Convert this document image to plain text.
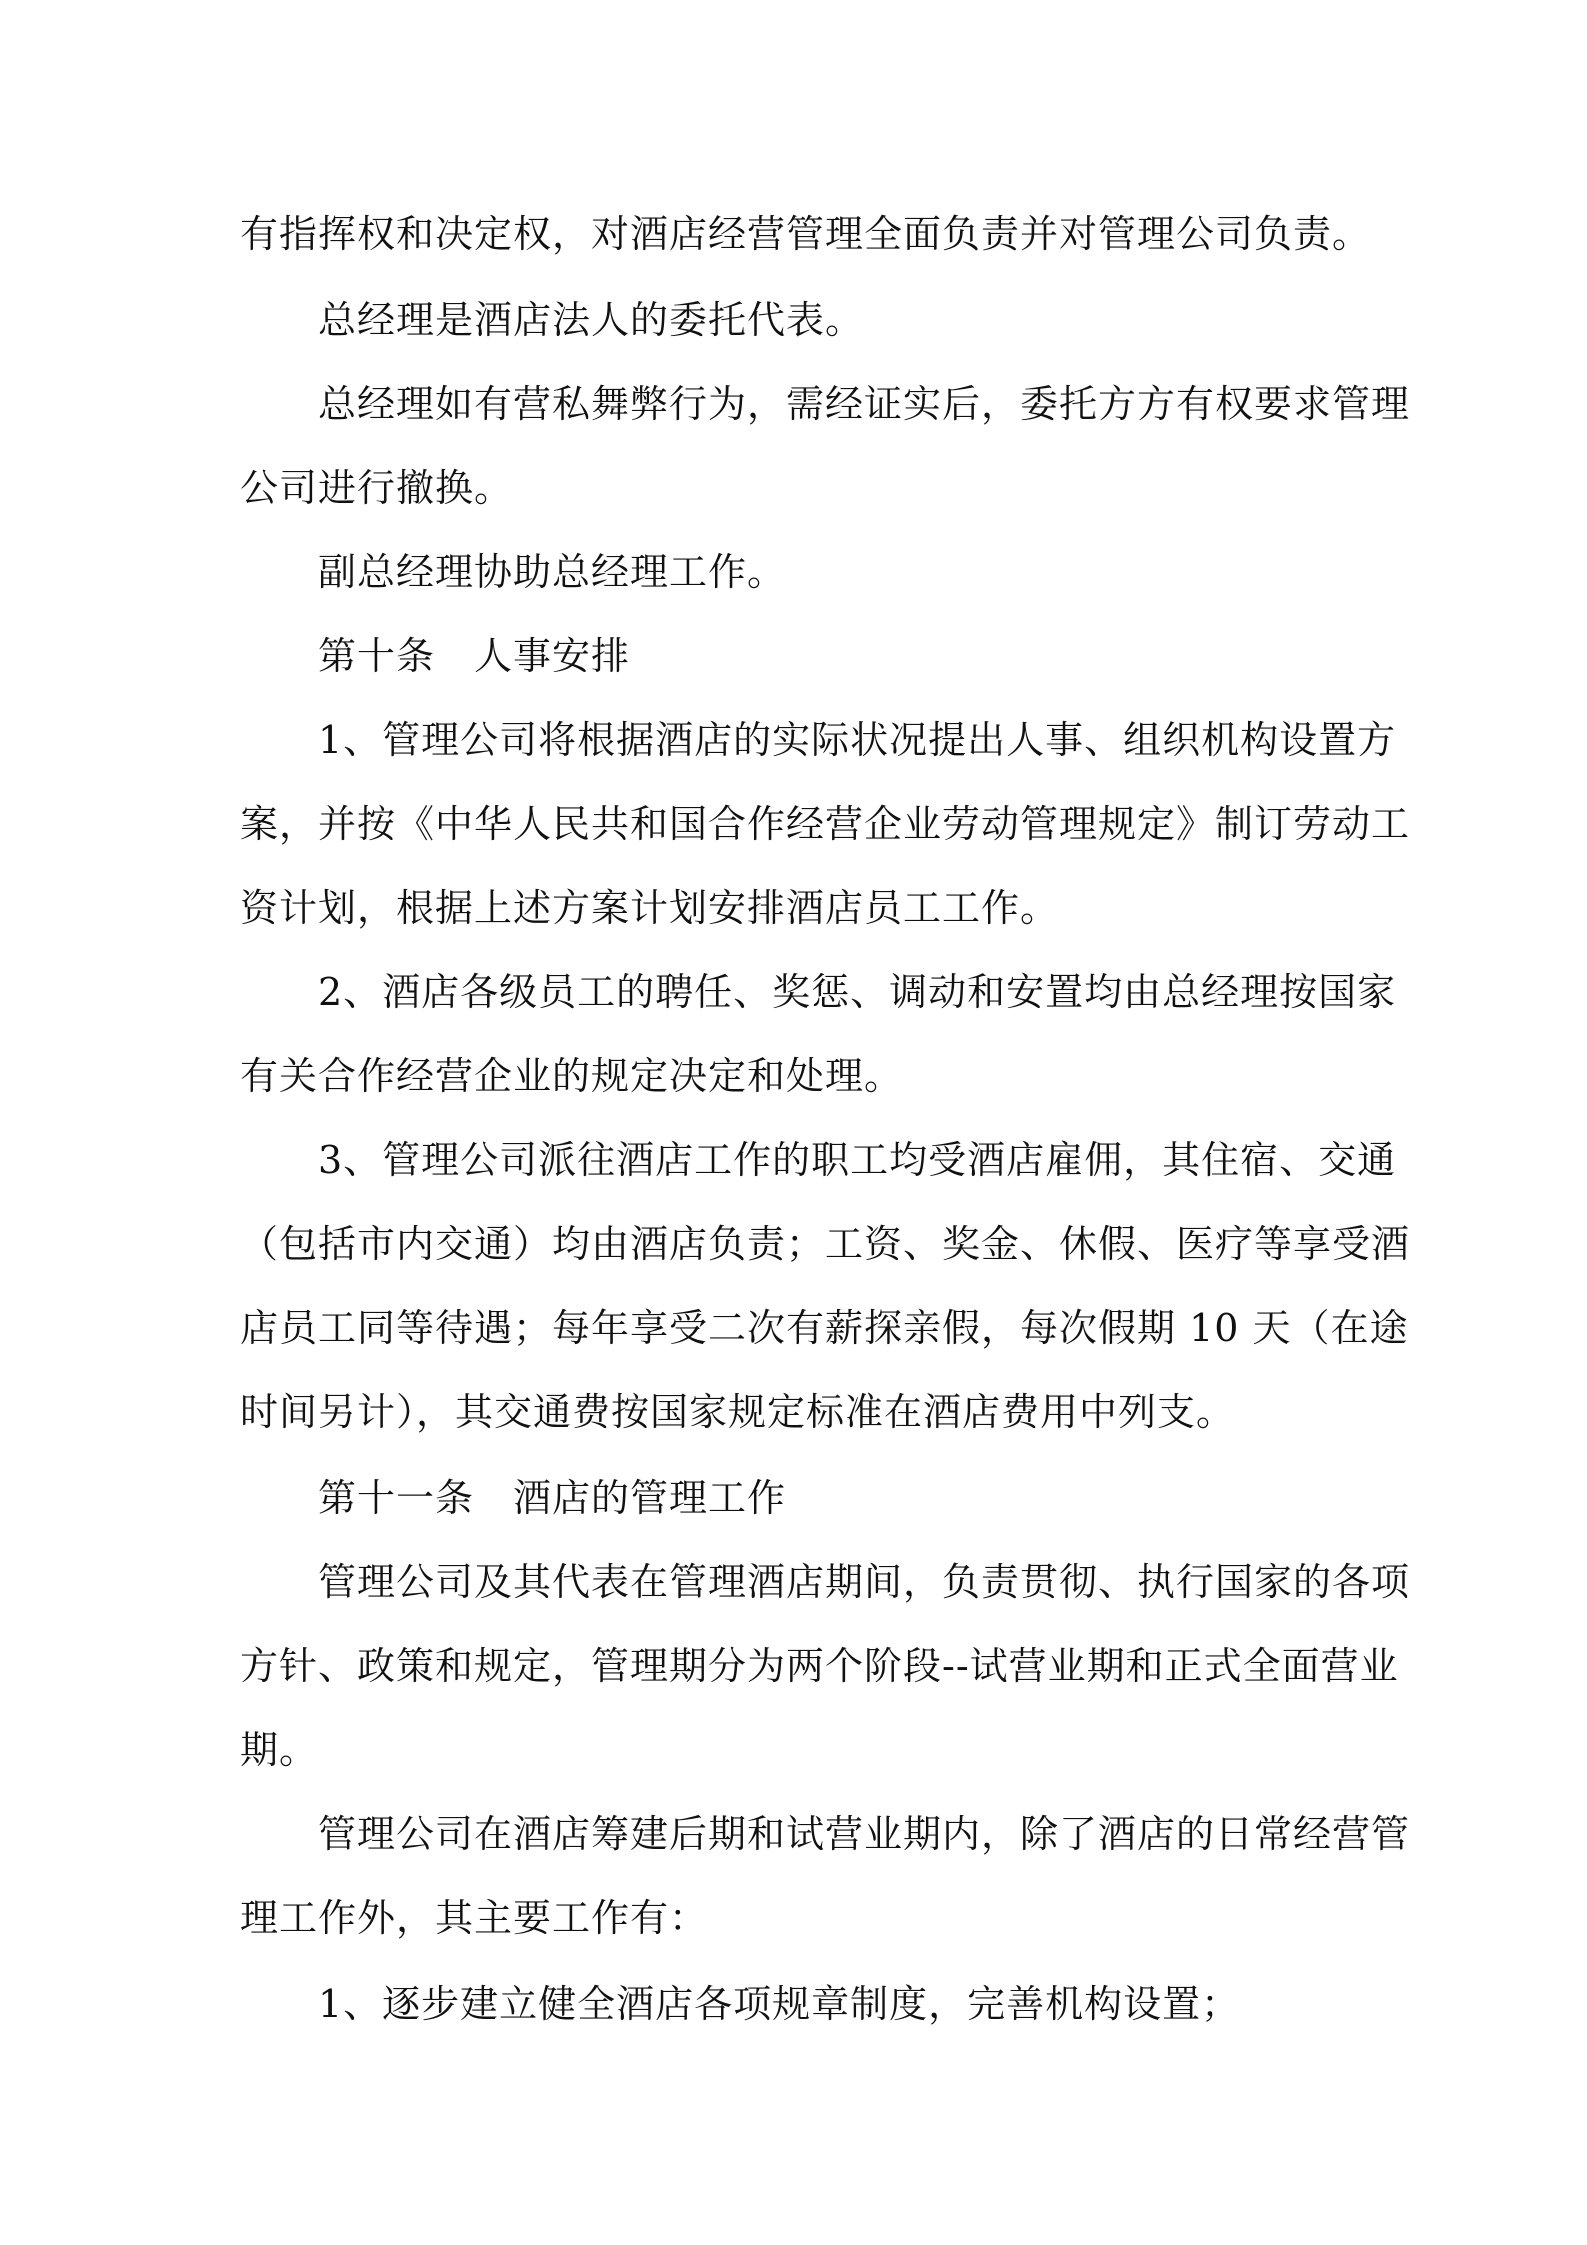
有指挥权和决定权，对酒店经营管理全面负责并对管理公司负责。
总经理是酒店法人的委托代表。
总经理如有营私舞弊行为，需经证实后，委托方方有权要求管理
公司进行撤换。
副总经理协助总经理工作。
第十条　人事安排
1、管理公司将根据酒店的实际状况提出人事、组织机构设置方
案，并按《中华人民共和国合作经营企业劳动管理规定》制订劳动工
资计划，根据上述方案计划安排酒店员工工作。
2、酒店各级员工的聘任、奖惩、调动和安置均由总经理按国家
有关合作经营企业的规定决定和处理。
3、管理公司派往酒店工作的职工均受酒店雇佣，其住宿、交通
（包括市内交通）均由酒店负责；工资、奖金、休假、医疗等享受酒
店员工同等待遇；每年享受二次有薪探亲假，每次假期 10 天（在途
时间另计），其交通费按国家规定标准在酒店费用中列支。
第十一条　酒店的管理工作
管理公司及其代表在管理酒店期间，负责贯彻、执行国家的各项
方针、政策和规定，管理期分为两个阶段--试营业期和正式全面营业
期。
管理公司在酒店筹建后期和试营业期内，除了酒店的日常经营管
理工作外，其主要工作有：
1、逐步建立健全酒店各项规章制度，完善机构设置；
